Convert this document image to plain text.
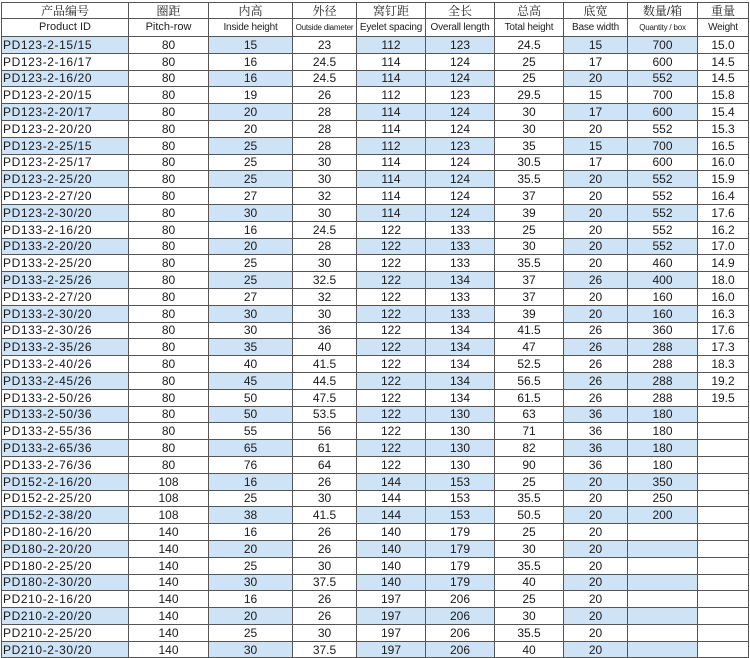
产品编号	圈距	内高	外径	窝钉距	全长	总高	底宽	数量/箱	重量
Product ID	Pitch-row	Inside height	Outside diameter	Eyelet spacing	Overall length	Total height	Base width	Quantity / box	Weight
PD123-2-15/15	80	15	23	112	123	24.5	15	700	15.0
PD123-2-16/17	80	16	24.5	114	124	25	17	600	14.5
PD123-2-16/20	80	16	24.5	114	124	25	20	552	14.5
PD123-2-20/15	80	19	26	112	123	29.5	15	700	15.8
PD123-2-20/17	80	20	28	114	124	30	17	600	15.4
PD123-2-20/20	80	20	28	114	124	30	20	552	15.3
PD123-2-25/15	80	25	28	112	123	35	15	700	16.5
PD123-2-25/17	80	25	30	114	124	30.5	17	600	16.0
PD123-2-25/20	80	25	30	114	124	35.5	20	552	15.9
PD123-2-27/20	80	27	32	114	124	37	20	552	16.4
PD123-2-30/20	80	30	30	114	124	39	20	552	17.6
PD133-2-16/20	80	16	24.5	122	133	25	20	552	16.2
PD133-2-20/20	80	20	28	122	133	30	20	552	17.0
PD133-2-25/20	80	25	30	122	133	35.5	20	460	14.9
PD133-2-25/26	80	25	32.5	122	134	37	26	400	18.0
PD133-2-27/20	80	27	32	122	133	37	20	160	16.0
PD133-2-30/20	80	30	30	122	133	39	20	160	16.3
PD133-2-30/26	80	30	36	122	134	41.5	26	360	17.6
PD133-2-35/26	80	35	40	122	134	47	26	288	17.3
PD133-2-40/26	80	40	41.5	122	134	52.5	26	288	18.3
PD133-2-45/26	80	45	44.5	122	134	56.5	26	288	19.2
PD133-2-50/26	80	50	47.5	122	134	61.5	26	288	19.5
PD133-2-50/36	80	50	53.5	122	130	63	36	180	
PD133-2-55/36	80	55	56	122	130	71	36	180	
PD133-2-65/36	80	65	61	122	130	82	36	180	
PD133-2-76/36	80	76	64	122	130	90	36	180	
PD152-2-16/20	108	16	26	144	153	25	20	350	
PD152-2-25/20	108	25	30	144	153	35.5	20	250	
PD152-2-38/20	108	38	41.5	144	153	50.5	20	200	
PD180-2-16/20	140	16	26	140	179	25	20		
PD180-2-20/20	140	20	26	140	179	30	20		
PD180-2-25/20	140	25	30	140	179	35.5	20		
PD180-2-30/20	140	30	37.5	140	179	40	20		
PD210-2-16/20	140	16	26	197	206	25	20		
PD210-2-20/20	140	20	26	197	206	30	20		
PD210-2-25/20	140	25	30	197	206	35.5	20		
PD210-2-30/20	140	30	37.5	197	206	40	20		
